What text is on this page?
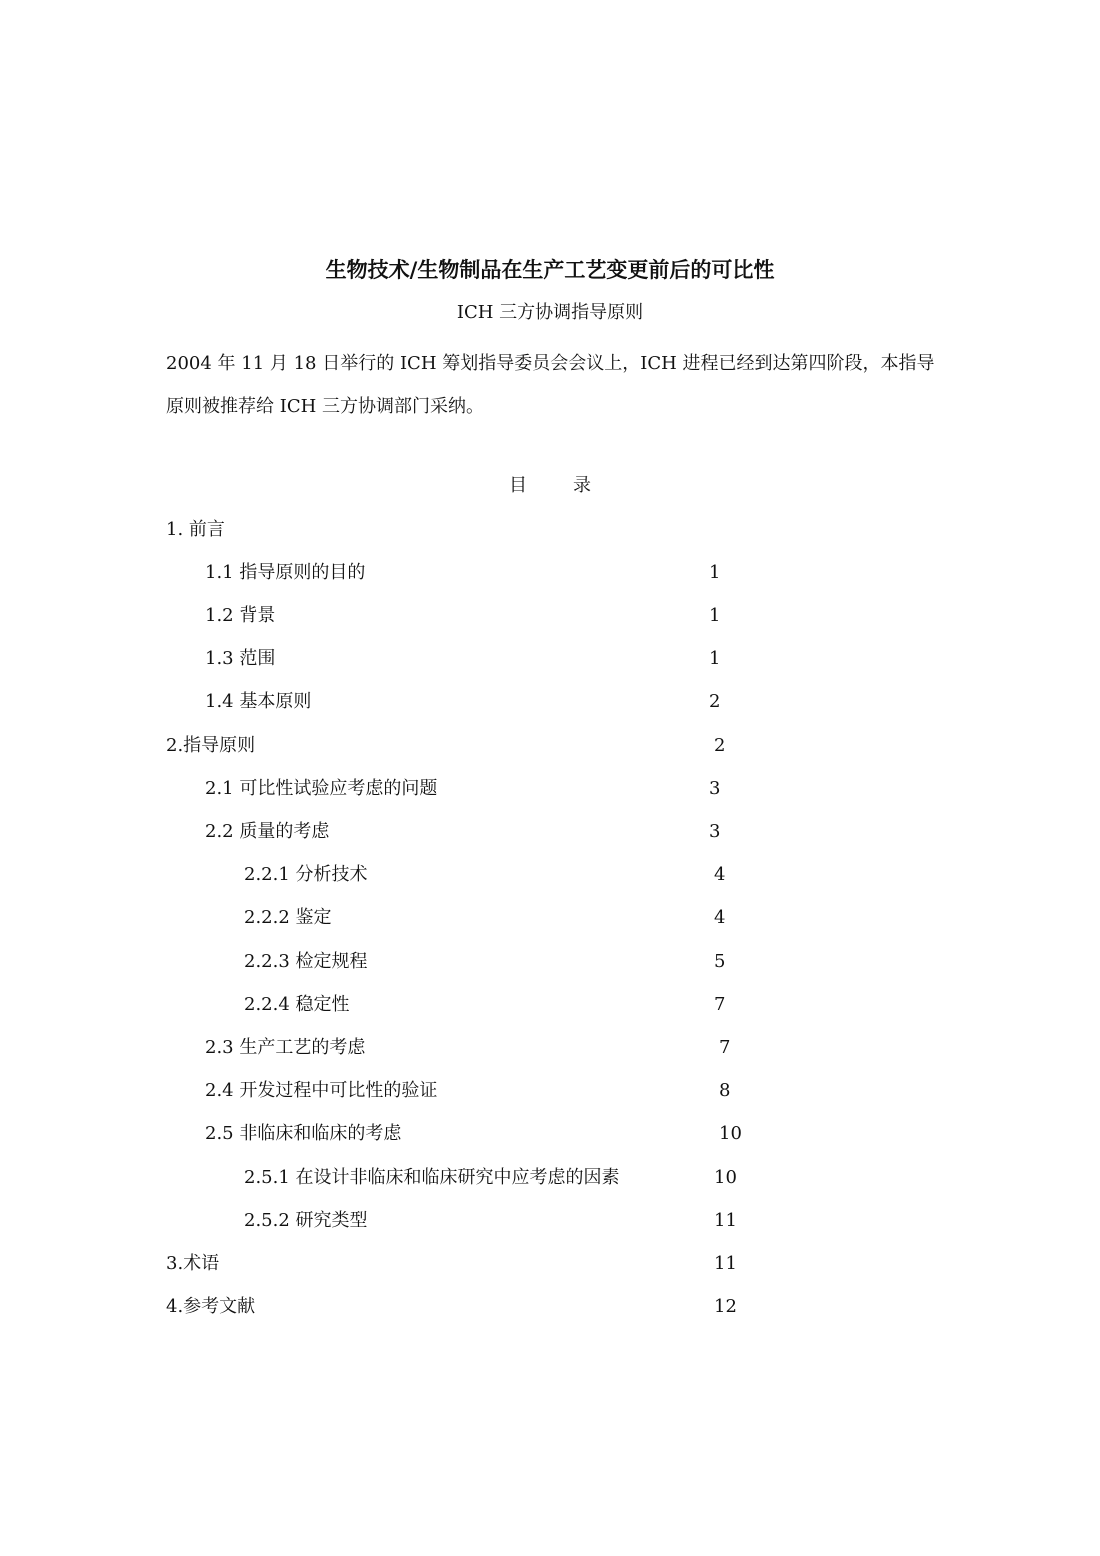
生物技术/生物制品在生产工艺变更前后的可比性
ICH 三方协调指导原则
2004 年 11 月 18 日举行的 ICH 筹划指导委员会会议上，ICH 进程已经到达第四阶段，本指导原则被推荐给 ICH 三方协调部门采纳。
目	录
1. 前言
1.1 指导原则的目的	1
1.2 背景	1
1.3 范围	1
1.4 基本原则	2
2.指导原则	2
2.1 可比性试验应考虑的问题	3
2.2 质量的考虑	3
2.2.1 分析技术	4
2.2.2 鉴定	4
2.2.3 检定规程	5
2.2.4 稳定性	7
2.3 生产工艺的考虑	7
2.4 开发过程中可比性的验证	8
2.5 非临床和临床的考虑	10
2.5.1 在设计非临床和临床研究中应考虑的因素	10
2.5.2 研究类型	11
3.术语	11
4.参考文献	12
